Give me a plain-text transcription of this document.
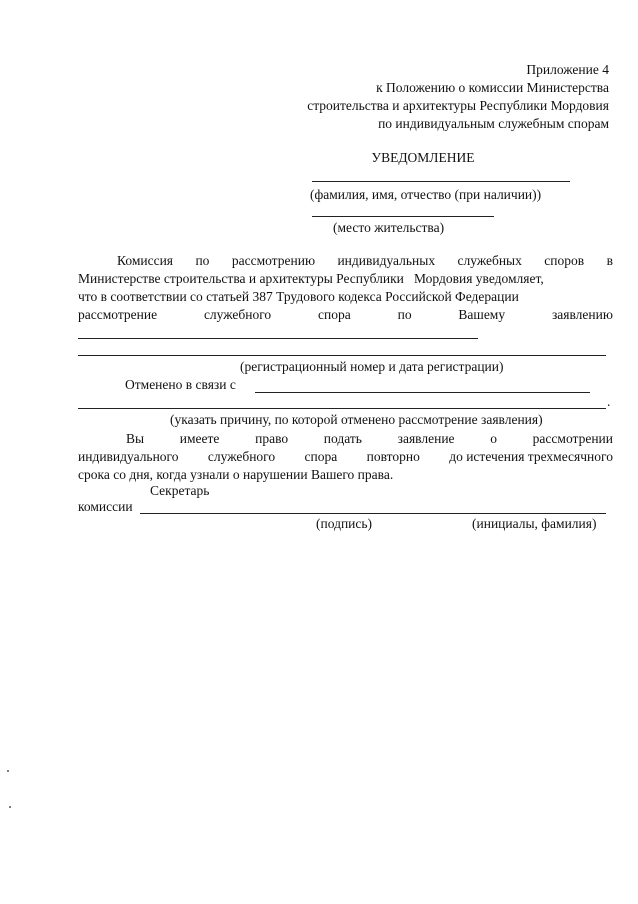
Приложение 4
к Положению о комиссии Министерства
строительства и архитектуры Республики Мордовия
по индивидуальным служебным спорам
УВЕДОМЛЕНИЕ
(фамилия, имя, отчество (при наличии))
(место жительства)
Комиссия по рассмотрению индивидуальных служебных споров в
Министерстве строительства и архитектуры Республики   Мордовия уведомляет,
что в соответствии со статьей 387 Трудового кодекса Российской Федерации
рассмотрение	служебного	спора	по	Вашему	заявлению
(регистрационный номер и дата регистрации)
Отменено в связи с
.
(указать причину, по которой отменено рассмотрение заявления)
Вы	имеете	право	подать	заявление	о	рассмотрении
индивидуального служебного спора повторно до истечения трехмесячного
срока со дня, когда узнали о нарушении Вашего права.
Секретарь
комиссии
(подпись)	(инициалы, фамилия)
